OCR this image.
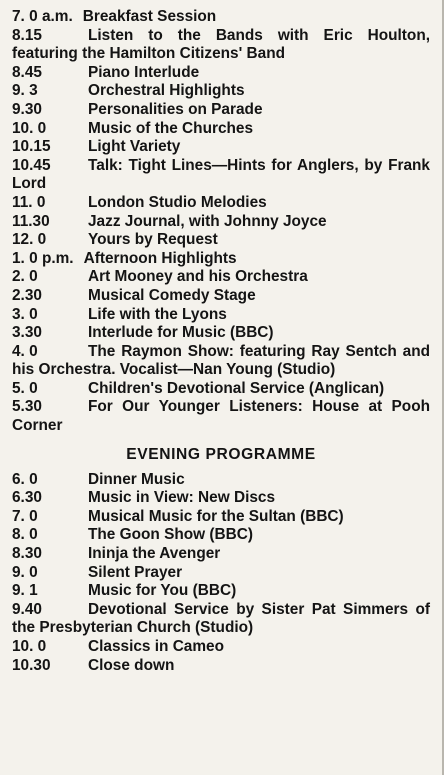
7. 0 a.m. Breakfast Session
8.15	Listen to the Bands with Eric Houlton, featuring the Hamilton Citizens' Band
8.45	Piano Interlude
9. 3	Orchestral Highlights
9.30	Personalities on Parade
10. 0	Music of the Churches
10.15 Light Variety
10.45	Talk: Tight Lines—Hints for Anglers, by Frank Lord
11. 0	London Studio Melodies
11.30 Jazz Journal, with Johnny Joyce
12. 0	Yours by Request
1. 0 p.m. Afternoon Highlights
2. 0	Art Mooney and his Orchestra
2.30	Musical Comedy Stage
3. 0	Life with the Lyons
3.30	Interlude for Music (BBC)
4. 0	The Raymon Show: featuring Ray Sentch and his Orchestra. Vocalist—Nan Young (Studio)
5. 0	Children's Devotional Service (Anglican)
5.30	For Our Younger Listeners: House at Pooh Corner
EVENING PROGRAMME
6. 0	Dinner Music
6.30	Music in View: New Discs
7. 0	Musical Music for the Sultan (BBC)
8. 0	The Goon Show (BBC)
8.30	Ininja the Avenger
9. 0	Silent Prayer
9. 1	Music for You (BBC)
9.40	Devotional Service by Sister Pat Simmers of the Presbyterian Church (Studio)
10. 0	Classics in Cameo
10.30 Close down
